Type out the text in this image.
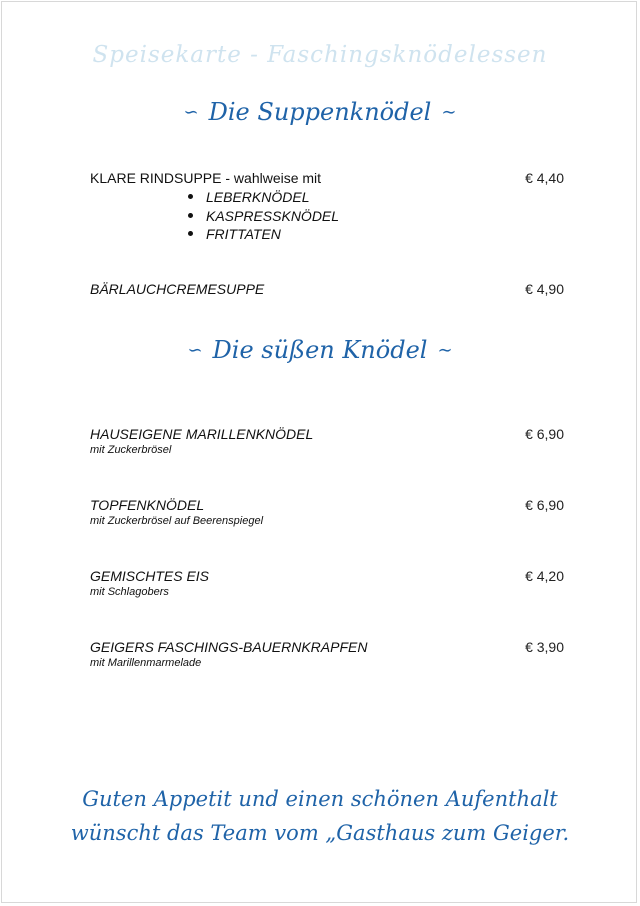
Speisekarte - Faschingsknödelessen
∽ Die Suppenknödel ∼
KLARE RINDSUPPE - wahlweise mit	€ 4,40
LEBERKNÖDEL
KASPRESSKNÖDEL
FRITTATEN
BÄRLAUCHCREMESUPPE	€ 4,90
∽ Die süßen Knödel ∼
HAUSEIGENE MARILLENKNÖDEL
mit Zuckerbrösel
€ 6,90
TOPFENKNÖDEL
mit Zuckerbrösel auf Beerenspiegel
€ 6,90
GEMISCHTES EIS
mit Schlagobers
€ 4,20
GEIGERS FASCHINGS-BAUERNKRAPFEN
mit Marillenmarmelade
€ 3,90
Guten Appetit und einen schönen Aufenthalt
wünscht das Team vom „Gasthaus zum Geiger.
